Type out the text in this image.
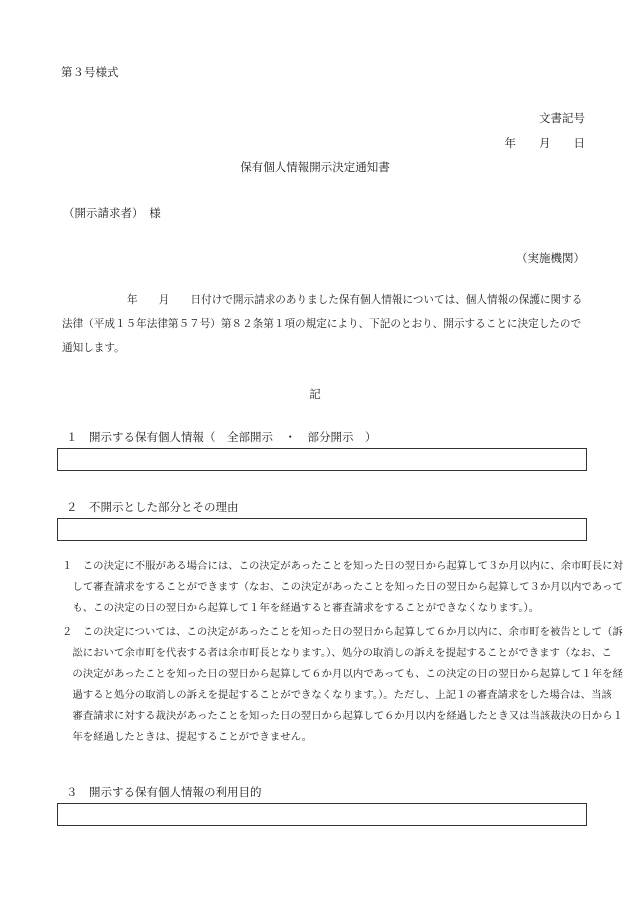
第３号様式
文書記号
年　　月　　日
保有個人情報開示決定通知書
（開示請求者）　様
（実施機関）
年　　月　　日付けで開示請求のありました保有個人情報については、個人情報の保護に関する
法律（平成１５年法律第５７号）第８２条第１項の規定により、下記のとおり、開示することに決定したので
通知します。
記
１　開示する保有個人情報（　全部開示　・　部分開示　）
２　不開示とした部分とその理由
１　この決定に不服がある場合には、この決定があったことを知った日の翌日から起算して３か月以内に、余市町長に対
　して審査請求をすることができます（なお、この決定があったことを知った日の翌日から起算して３か月以内であって
　も、この決定の日の翌日から起算して１年を経過すると審査請求をすることができなくなります。）。
２　この決定については、この決定があったことを知った日の翌日から起算して６か月以内に、余市町を被告として（訴
　訟において余市町を代表する者は余市町長となります。）、処分の取消しの訴えを提起することができます（なお、こ
　の決定があったことを知った日の翌日から起算して６か月以内であっても、この決定の日の翌日から起算して１年を経
　過すると処分の取消しの訴えを提起することができなくなります。）。ただし、上記１の審査請求をした場合は、当該
　審査請求に対する裁決があったことを知った日の翌日から起算して６か月以内を経過したとき又は当該裁決の日から１
　年を経過したときは、提起することができません。
３　開示する保有個人情報の利用目的
